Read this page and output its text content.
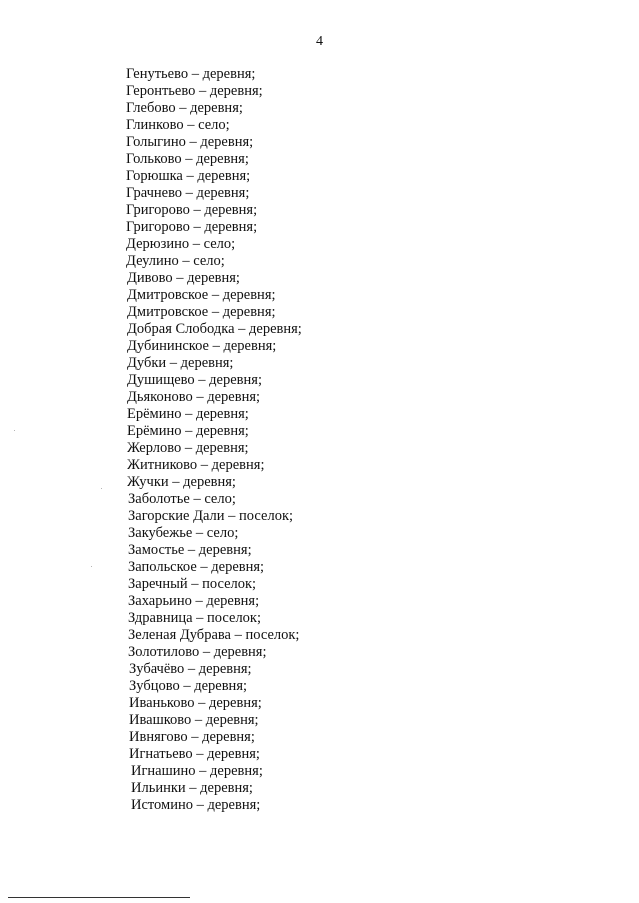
4
Генутьево – деревня;
Геронтьево – деревня;
Глебово – деревня;
Глинково – село;
Голыгино – деревня;
Гольково – деревня;
Горюшка – деревня;
Грачнево – деревня;
Григорово – деревня;
Григорово – деревня;
Дерюзино – село;
Деулино – село;
Дивово – деревня;
Дмитровское – деревня;
Дмитровское – деревня;
Добрая Слободка – деревня;
Дубининское – деревня;
Дубки – деревня;
Душищево – деревня;
Дьяконово – деревня;
Ерёмино – деревня;
Ерёмино – деревня;
Жерлово – деревня;
Житниково – деревня;
Жучки – деревня;
Заболотье – село;
Загорские Дали – поселок;
Закубежье – село;
Замостье – деревня;
Запольское – деревня;
Заречный – поселок;
Захарьино – деревня;
Здравница – поселок;
Зеленая Дубрава – поселок;
Золотилово – деревня;
Зубачёво – деревня;
Зубцово – деревня;
Иваньково – деревня;
Ивашково – деревня;
Ивнягово – деревня;
Игнатьево – деревня;
Игнашино – деревня;
Ильинки – деревня;
Истомино – деревня;
